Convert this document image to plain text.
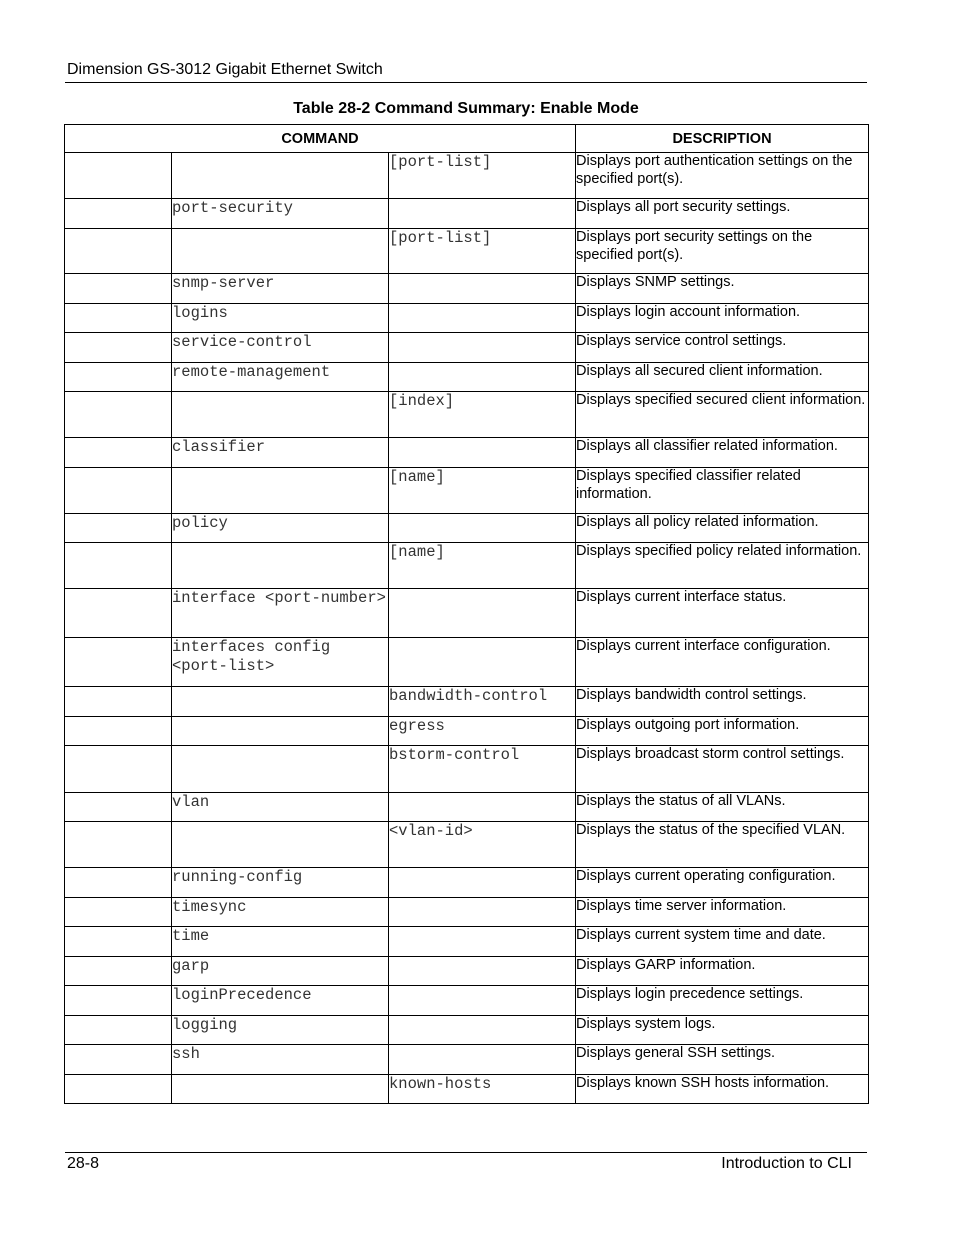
Dimension GS-3012 Gigabit Ethernet Switch
Table 28-2 Command Summary: Enable Mode
COMMAND			DESCRIPTION
		[port-list]	Displays port authentication settings on the specified port(s).
	port-security		Displays all port security settings.
		[port-list]	Displays port security settings on the specified port(s).
	snmp-server		Displays SNMP settings.
	logins		Displays login account information.
	service-control		Displays service control settings.
	remote-management		Displays all secured client information.
		[index]	Displays specified secured client information.
	classifier		Displays all classifier related information.
		[name]	Displays specified classifier related information.
	policy		Displays all policy related information.
		[name]	Displays specified policy related information.
	interface <port-number>		Displays current interface status.
	interfaces config <port-list>		Displays current interface configuration.
		bandwidth-control	Displays bandwidth control settings.
		egress	Displays outgoing port information.
		bstorm-control	Displays broadcast storm control settings.
	vlan		Displays the status of all VLANs.
		<vlan-id>	Displays the status of the specified VLAN.
	running-config		Displays current operating configuration.
	timesync		Displays time server information.
	time		Displays current system time and date.
	garp		Displays GARP information.
	loginPrecedence		Displays login precedence settings.
	logging		Displays system logs.
	ssh		Displays general SSH settings.
		known-hosts	Displays known SSH hosts information.
28-8	Introduction to CLI
